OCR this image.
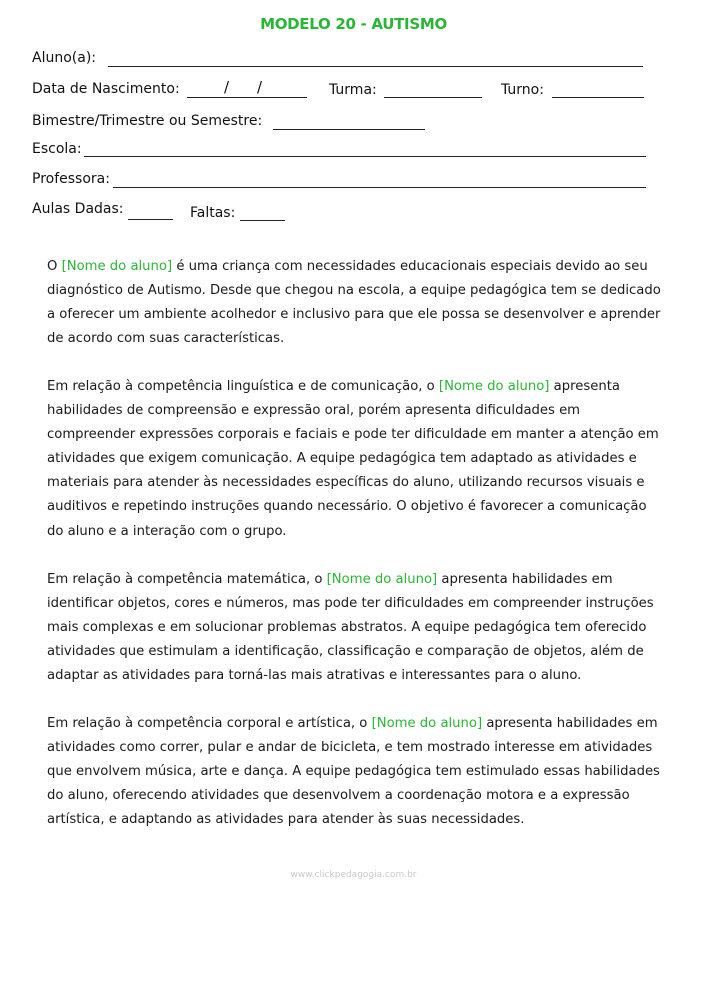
MODELO 20 - AUTISMO
Aluno(a):
Data de Nascimento:	/ /	Turma:	Turno:
Bimestre/Trimestre ou Semestre:
Escola:
Professora:
Aulas Dadas:	Faltas:

O [Nome do aluno] é uma criança com necessidades educacionais especiais devido ao seu diagnóstico de Autismo. Desde que chegou na escola, a equipe pedagógica tem se dedicado a oferecer um ambiente acolhedor e inclusivo para que ele possa se desenvolver e aprender de acordo com suas características.

Em relação à competência linguística e de comunicação, o [Nome do aluno] apresenta habilidades de compreensão e expressão oral, porém apresenta dificuldades em compreender expressões corporais e faciais e pode ter dificuldade em manter a atenção em atividades que exigem comunicação. A equipe pedagógica tem adaptado as atividades e materiais para atender às necessidades específicas do aluno, utilizando recursos visuais e auditivos e repetindo instruções quando necessário. O objetivo é favorecer a comunicação do aluno e a interação com o grupo.

Em relação à competência matemática, o [Nome do aluno] apresenta habilidades em identificar objetos, cores e números, mas pode ter dificuldades em compreender instruções mais complexas e em solucionar problemas abstratos. A equipe pedagógica tem oferecido atividades que estimulam a identificação, classificação e comparação de objetos, além de adaptar as atividades para torná-las mais atrativas e interessantes para o aluno.

Em relação à competência corporal e artística, o [Nome do aluno] apresenta habilidades em atividades como correr, pular e andar de bicicleta, e tem mostrado interesse em atividades que envolvem música, arte e dança. A equipe pedagógica tem estimulado essas habilidades do aluno, oferecendo atividades que desenvolvem a coordenação motora e a expressão artística, e adaptando as atividades para atender às suas necessidades.

www.clickpedagogia.com.br
